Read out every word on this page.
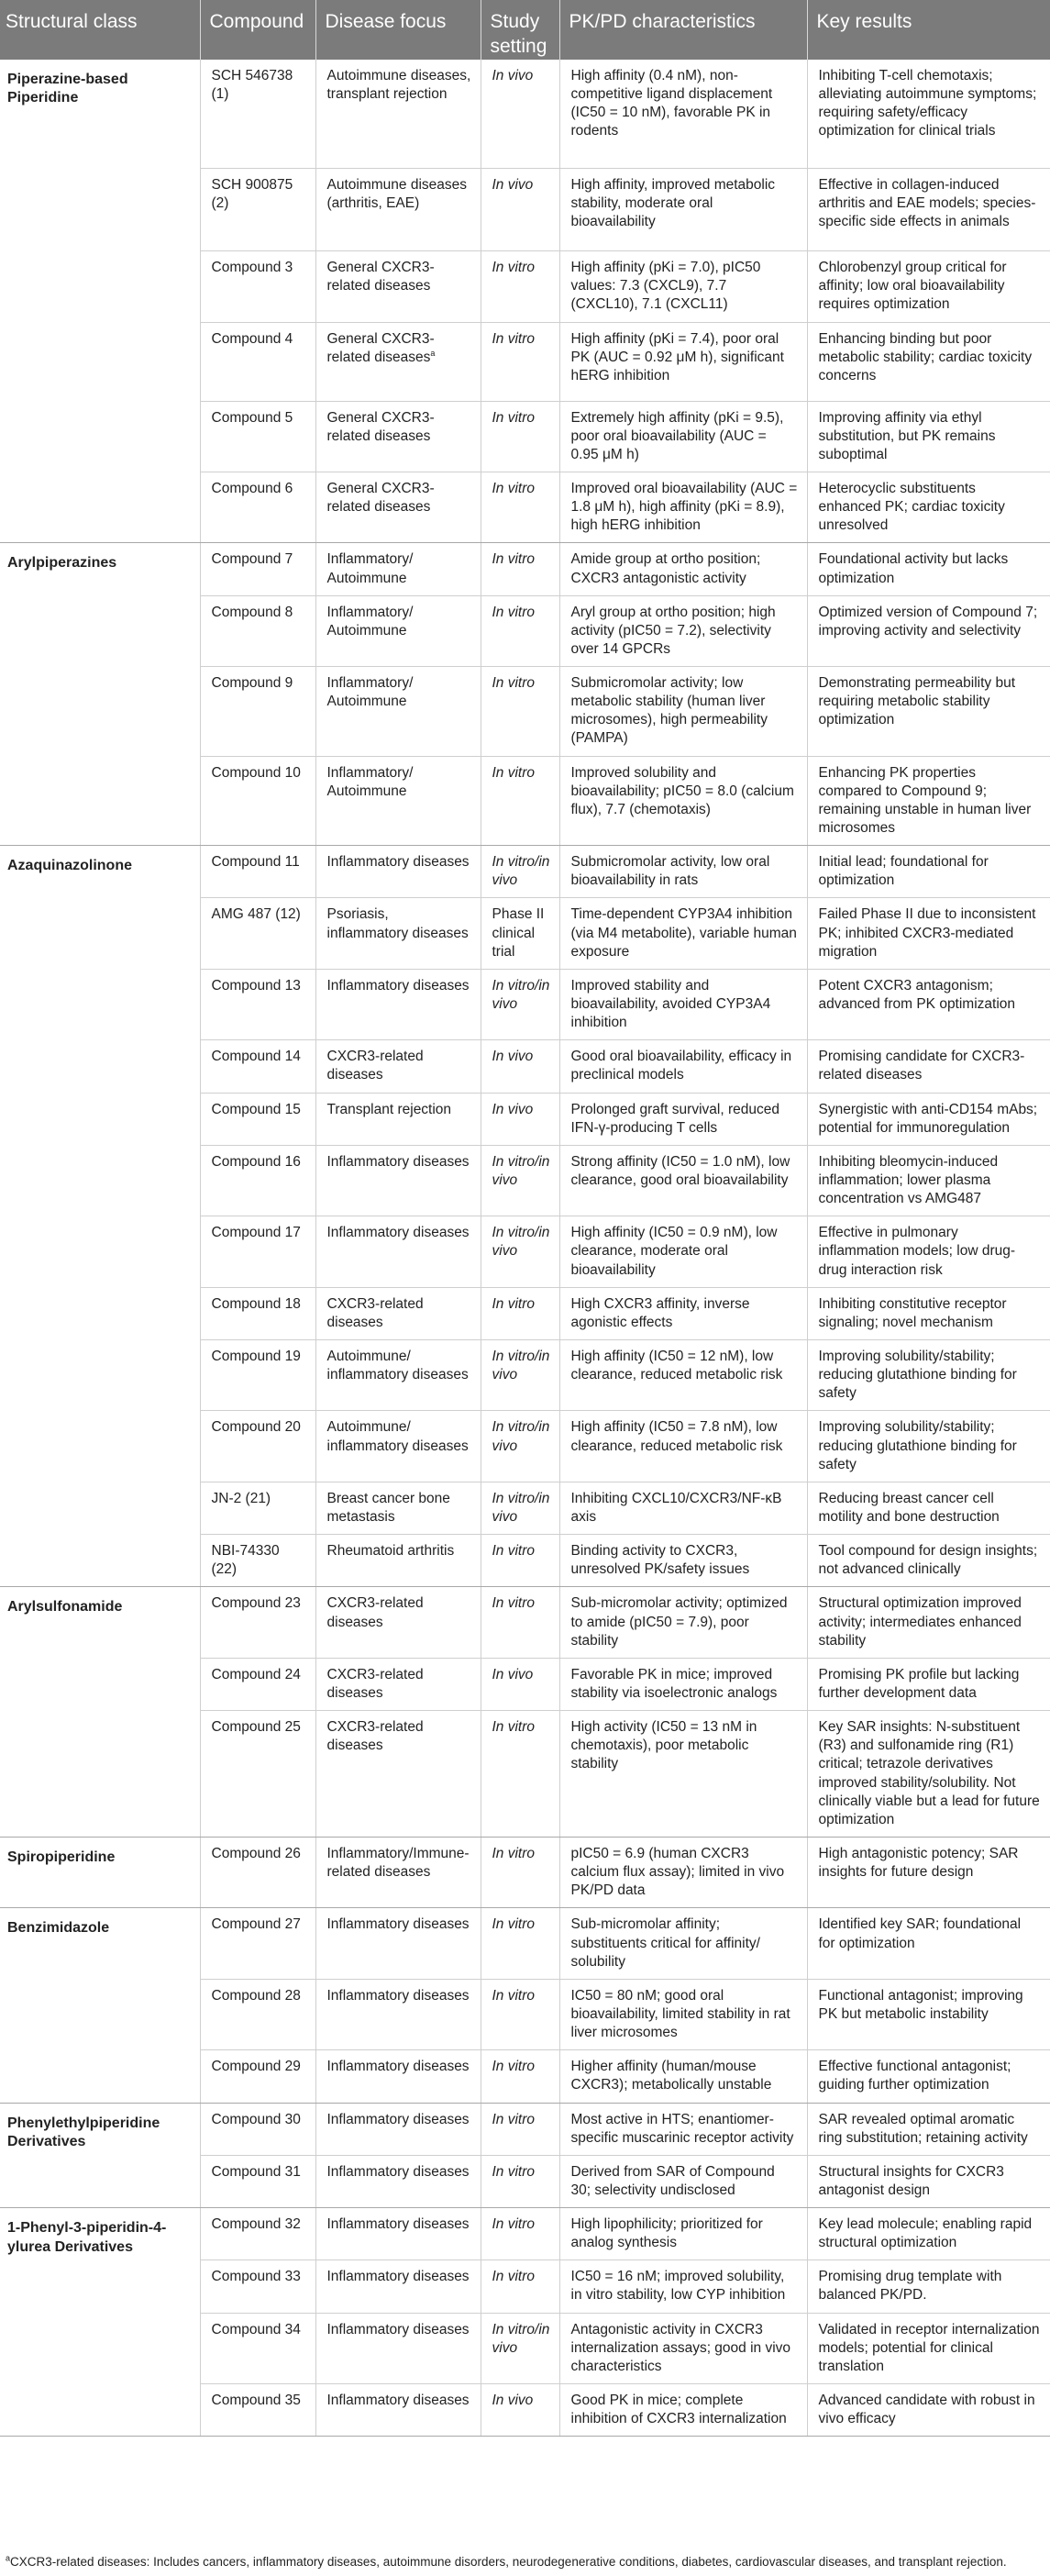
Structural class	Compound	Disease focus	Study setting	PK/PD characteristics	Key results
Piperazine-based Piperidine	SCH 546738 (1)	Autoimmune diseases, transplant rejection	In vivo	High affinity (0.4 nM), non-competitive ligand displacement (IC50 = 10 nM), favorable PK in rodents	Inhibiting T-cell chemotaxis; alleviating autoimmune symptoms; requiring safety/efficacy optimization for clinical trials
	SCH 900875 (2)	Autoimmune diseases (arthritis, EAE)	In vivo	High affinity, improved metabolic stability, moderate oral bioavailability	Effective in collagen-induced arthritis and EAE models; species-specific side effects in animals
	Compound 3	General CXCR3-related diseases	In vitro	High affinity (pKi = 7.0), pIC50 values: 7.3 (CXCL9), 7.7 (CXCL10), 7.1 (CXCL11)	Chlorobenzyl group critical for affinity; low oral bioavailability requires optimization
	Compound 4	General CXCR3-related diseases$^a$	In vitro	High affinity (pKi = 7.4), poor oral PK (AUC = 0.92 μM h), significant hERG inhibition	Enhancing binding but poor metabolic stability; cardiac toxicity concerns
	Compound 5	General CXCR3-related diseases	In vitro	Extremely high affinity (pKi = 9.5), poor oral bioavailability (AUC = 0.95 μM h)	Improving affinity via ethyl substitution, but PK remains suboptimal
	Compound 6	General CXCR3-related diseases	In vitro	Improved oral bioavailability (AUC = 1.8 μM h), high affinity (pKi = 8.9), high hERG inhibition	Heterocyclic substituents enhanced PK; cardiac toxicity unresolved
Arylpiperazines	Compound 7	Inflammatory/ Autoimmune	In vitro	Amide group at ortho position; CXCR3 antagonistic activity	Foundational activity but lacks optimization
	Compound 8	Inflammatory/ Autoimmune	In vitro	Aryl group at ortho position; high activity (pIC50 = 7.2), selectivity over 14 GPCRs	Optimized version of Compound 7; improving activity and selectivity
	Compound 9	Inflammatory/ Autoimmune	In vitro	Submicromolar activity; low metabolic stability (human liver microsomes), high permeability (PAMPA)	Demonstrating permeability but requiring metabolic stability optimization
	Compound 10	Inflammatory/ Autoimmune	In vitro	Improved solubility and bioavailability; pIC50 = 8.0 (calcium flux), 7.7 (chemotaxis)	Enhancing PK properties compared to Compound 9; remaining unstable in human liver microsomes
Azaquinazolinone	Compound 11	Inflammatory diseases	In vitro/in vivo	Submicromolar activity, low oral bioavailability in rats	Initial lead; foundational for optimization
	AMG 487 (12)	Psoriasis, inflammatory diseases	Phase II clinical trial	Time-dependent CYP3A4 inhibition (via M4 metabolite), variable human exposure	Failed Phase II due to inconsistent PK; inhibited CXCR3-mediated migration
	Compound 13	Inflammatory diseases	In vitro/in vivo	Improved stability and bioavailability, avoided CYP3A4 inhibition	Potent CXCR3 antagonism; advanced from PK optimization
	Compound 14	CXCR3-related diseases	In vivo	Good oral bioavailability, efficacy in preclinical models	Promising candidate for CXCR3-related diseases
	Compound 15	Transplant rejection	In vivo	Prolonged graft survival, reduced IFN-γ-producing T cells	Synergistic with anti-CD154 mAbs; potential for immunoregulation
	Compound 16	Inflammatory diseases	In vitro/in vivo	Strong affinity (IC50 = 1.0 nM), low clearance, good oral bioavailability	Inhibiting bleomycin-induced inflammation; lower plasma concentration vs AMG487
	Compound 17	Inflammatory diseases	In vitro/in vivo	High affinity (IC50 = 0.9 nM), low clearance, moderate oral bioavailability	Effective in pulmonary inflammation models; low drug-drug interaction risk
	Compound 18	CXCR3-related diseases	In vitro	High CXCR3 affinity, inverse agonistic effects	Inhibiting constitutive receptor signaling; novel mechanism
	Compound 19	Autoimmune/ inflammatory diseases	In vitro/in vivo	High affinity (IC50 = 12 nM), low clearance, reduced metabolic risk	Improving solubility/stability; reducing glutathione binding for safety
	Compound 20	Autoimmune/ inflammatory diseases	In vitro/in vivo	High affinity (IC50 = 7.8 nM), low clearance, reduced metabolic risk	Improving solubility/stability; reducing glutathione binding for safety
	JN-2 (21)	Breast cancer bone metastasis	In vitro/in vivo	Inhibiting CXCL10/CXCR3/NF-κB axis	Reducing breast cancer cell motility and bone destruction
	NBI-74330 (22)	Rheumatoid arthritis	In vitro	Binding activity to CXCR3, unresolved PK/safety issues	Tool compound for design insights; not advanced clinically
Arylsulfonamide	Compound 23	CXCR3-related diseases	In vitro	Sub-micromolar activity; optimized to amide (pIC50 = 7.9), poor stability	Structural optimization improved activity; intermediates enhanced stability
	Compound 24	CXCR3-related diseases	In vivo	Favorable PK in mice; improved stability via isoelectronic analogs	Promising PK profile but lacking further development data
	Compound 25	CXCR3-related diseases	In vitro	High activity (IC50 = 13 nM in chemotaxis), poor metabolic stability	Key SAR insights: N-substituent (R3) and sulfonamide ring (R1) critical; tetrazole derivatives improved stability/solubility. Not clinically viable but a lead for future optimization
Spiropiperidine	Compound 26	Inflammatory/Immune-related diseases	In vitro	pIC50 = 6.9 (human CXCR3 calcium flux assay); limited in vivo PK/PD data	High antagonistic potency; SAR insights for future design
Benzimidazole	Compound 27	Inflammatory diseases	In vitro	Sub-micromolar affinity; substituents critical for affinity/ solubility	Identified key SAR; foundational for optimization
	Compound 28	Inflammatory diseases	In vitro	IC50 = 80 nM; good oral bioavailability, limited stability in rat liver microsomes	Functional antagonist; improving PK but metabolic instability
	Compound 29	Inflammatory diseases	In vitro	Higher affinity (human/mouse CXCR3); metabolically unstable	Effective functional antagonist; guiding further optimization
Phenylethylpiperidine Derivatives	Compound 30	Inflammatory diseases	In vitro	Most active in HTS; enantiomer-specific muscarinic receptor activity	SAR revealed optimal aromatic ring substitution; retaining activity
	Compound 31	Inflammatory diseases	In vitro	Derived from SAR of Compound 30; selectivity undisclosed	Structural insights for CXCR3 antagonist design
1-Phenyl-3-piperidin-4-ylurea Derivatives	Compound 32	Inflammatory diseases	In vitro	High lipophilicity; prioritized for analog synthesis	Key lead molecule; enabling rapid structural optimization
	Compound 33	Inflammatory diseases	In vitro	IC50 = 16 nM; improved solubility, in vitro stability, low CYP inhibition	Promising drug template with balanced PK/PD.
	Compound 34	Inflammatory diseases	In vitro/in vivo	Antagonistic activity in CXCR3 internalization assays; good in vivo characteristics	Validated in receptor internalization models; potential for clinical translation
	Compound 35	Inflammatory diseases	In vivo	Good PK in mice; complete inhibition of CXCR3 internalization	Advanced candidate with robust in vivo efficacy
$^a$CXCR3-related diseases: Includes cancers, inflammatory diseases, autoimmune disorders, neurodegenerative conditions, diabetes, cardiovascular diseases, and transplant rejection.
